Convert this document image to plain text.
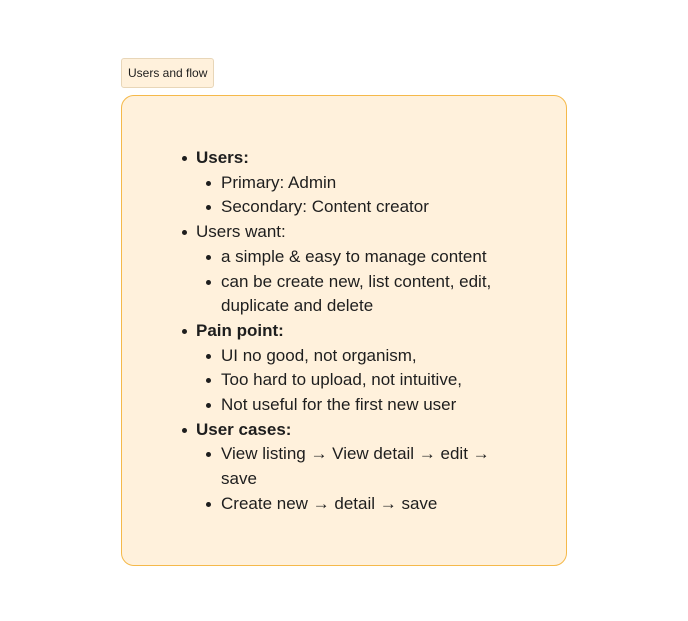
Users and flow
Users:
Primary: Admin
Secondary: Content creator
Users want:
a simple & easy to manage content
can be create new, list content, edit, duplicate and delete
Pain point:
UI no good, not organism,
Too hard to upload, not intuitive,
Not useful for the first new user
User cases:
View listing → View detail → edit → save
Create new → detail → save
